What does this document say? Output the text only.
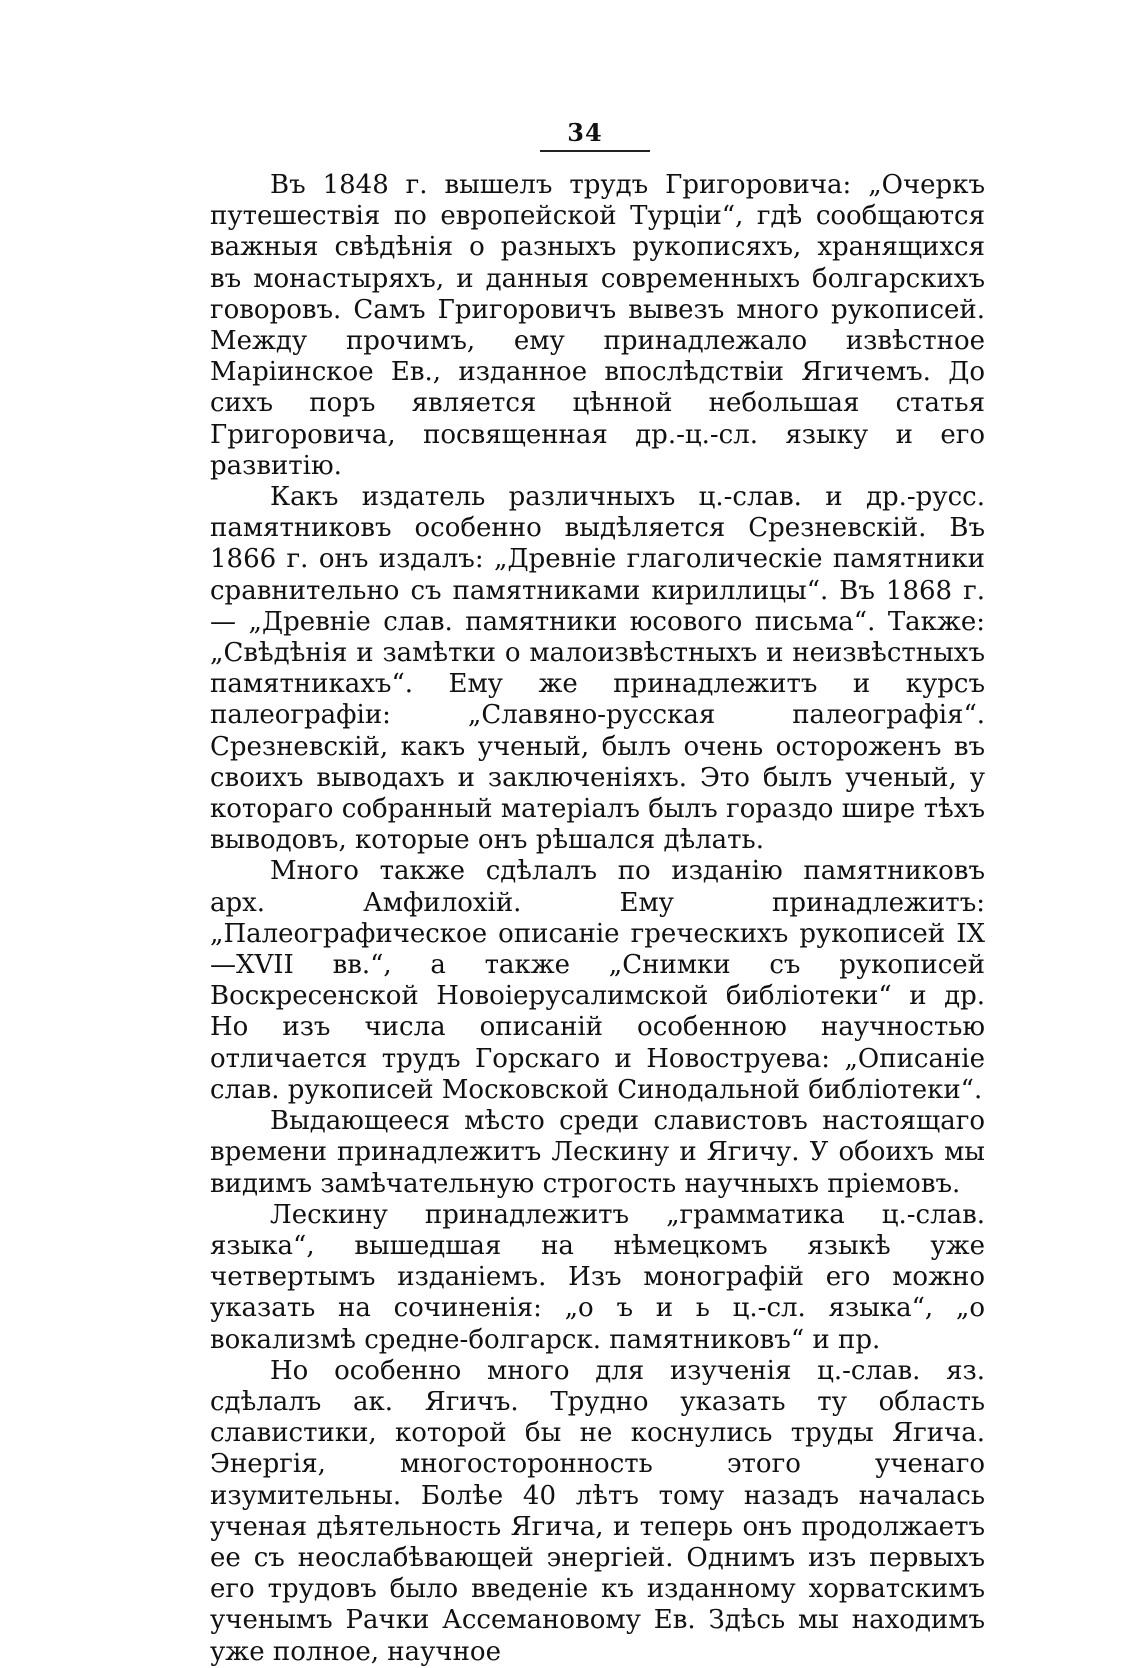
34

Въ 1848 г. вышелъ трудъ Григоровича: „Очеркъ путешествія по европейской Турціи“, гдѣ сообщаются важныя свѣдѣнія о разныхъ рукописяхъ, хранящихся въ монастыряхъ, и данныя современныхъ болгарскихъ говоровъ. Самъ Григоровичъ вывезъ много рукописей. Между прочимъ, ему принадлежало извѣстное Маріинское Ев., изданное впослѣдствіи Ягичемъ. До сихъ поръ является цѣнной небольшая статья Григоровича, посвященная др.-ц.-сл. языку и его развитію.

Какъ издатель различныхъ ц.-слав. и др.-русс. памятниковъ особенно выдѣляется Срезневскій. Въ 1866 г. онъ издалъ: „Древніе глаголическіе памятники сравнительно съ памятниками кириллицы“. Въ 1868 г. — „Древніе слав. памятники юсового письма“. Также: „Свѣдѣнія и замѣтки о малоизвѣстныхъ и неизвѣстныхъ памятникахъ“. Ему же принадлежитъ и курсъ палеографіи: „Славяно-русская палеографія“. Срезневскій, какъ ученый, былъ очень остороженъ въ своихъ выводахъ и заключеніяхъ. Это былъ ученый, у котораго собранный матеріалъ былъ гораздо шире тѣхъ выводовъ, которые онъ рѣшался дѣлать.

Много также сдѣлалъ по изданію памятниковъ арх. Амфилохій. Ему принадлежитъ: „Палеографическое описаніе греческихъ рукописей IX—XVII вв.“, а также „Снимки съ рукописей Воскресенской Новоіерусалимской библіотеки“ и др. Но изъ числа описаній особенною научностью отличается трудъ Горскаго и Новоструева: „Описаніе слав. рукописей Московской Синодальной библіотеки“.

Выдающееся мѣсто среди славистовъ настоящаго времени принадлежитъ Лескину и Ягичу. У обоихъ мы видимъ замѣчательную строгость научныхъ пріемовъ.

Лескину принадлежитъ „грамматика ц.-слав. языка“, вышедшая на нѣмецкомъ языкѣ уже четвертымъ изданіемъ. Изъ монографій его можно указать на сочиненія: „о ъ и ь ц.-сл. языка“, „о вокализмѣ средне-болгарск. памятниковъ“ и пр.

Но особенно много для изученія ц.-слав. яз. сдѣлалъ ак. Ягичъ. Трудно указать ту область славистики, которой бы не коснулись труды Ягича. Энергія, многосторонность этого ученаго изумительны. Болѣе 40 лѣтъ тому назадъ началась ученая дѣятельность Ягича, и теперь онъ продолжаетъ ее съ неослабѣвающей энергіей. Однимъ изъ первыхъ его трудовъ было введеніе къ изданному хорватскимъ ученымъ Рачки Ассемановому Ев. Здѣсь мы находимъ уже полное, научное
